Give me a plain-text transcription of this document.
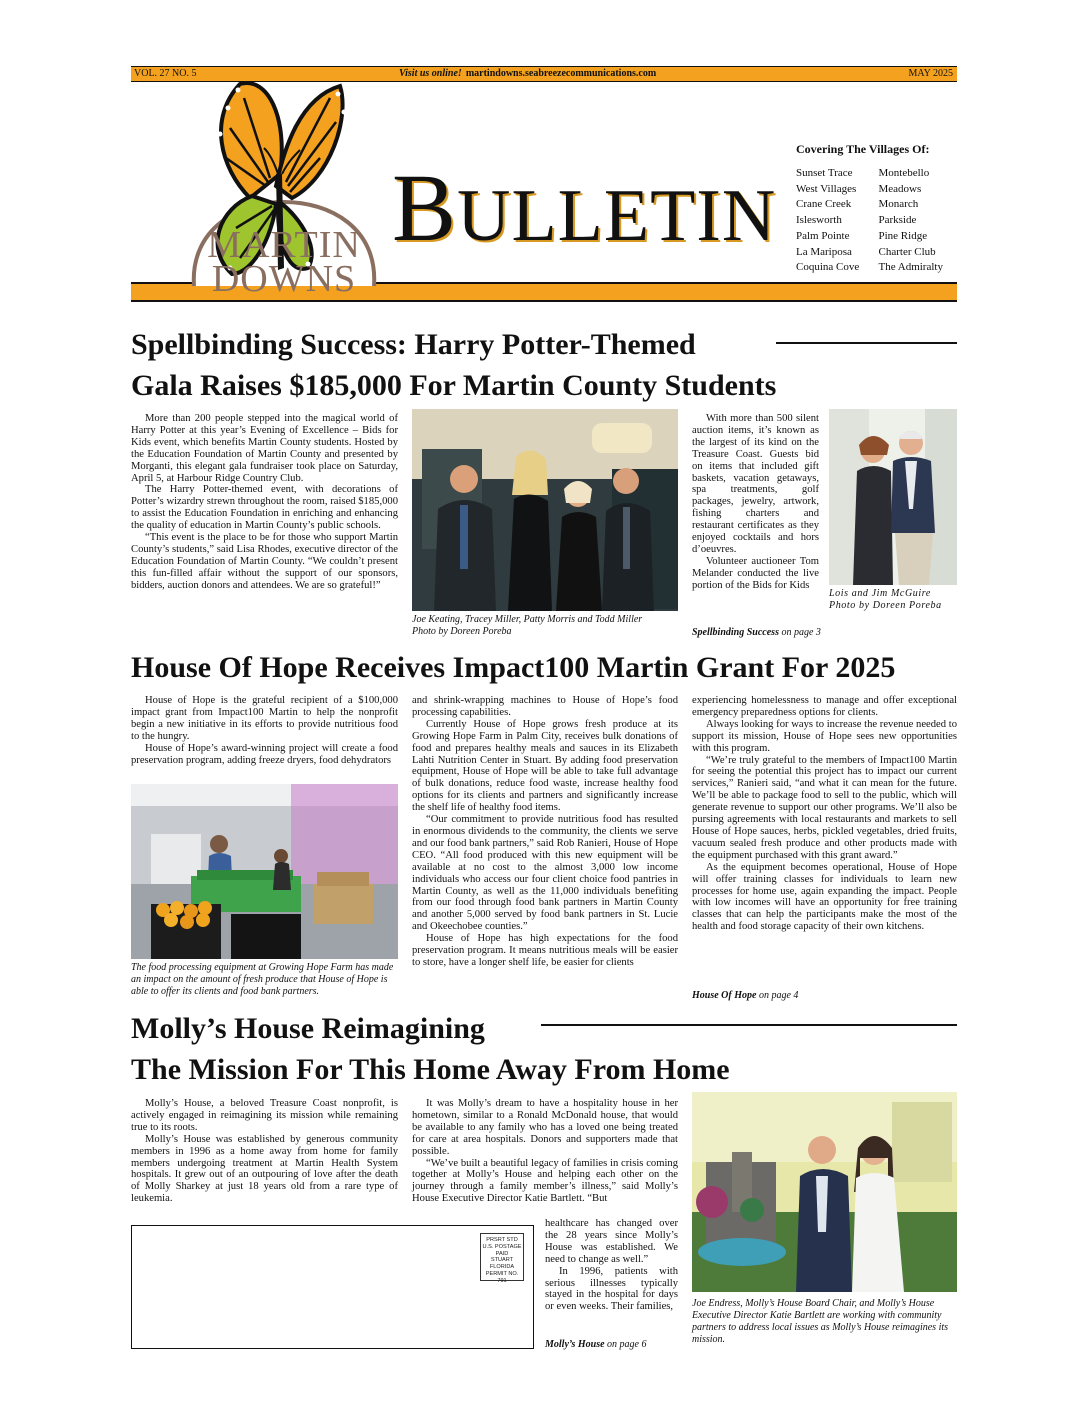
VOL. 27 NO. 5	Visit us online! martindowns.seabreezecommunications.com	MAY 2025
MARTIN
DOWNS
BULLETIN
Covering The Villages Of:
Sunset Trace
West Villages
Crane Creek
Islesworth
Palm Pointe
La Mariposa
Coquina Cove
Montebello
Meadows
Monarch
Parkside
Pine Ridge
Charter Club
The Admiralty
Spellbinding Success: Harry Potter-Themed
Gala Raises $185,000 For Martin County Students

More than 200 people stepped into the magical world of Harry Potter at this year’s Evening of Excellence – Bids for Kids event, which benefits Martin County students. Hosted by the Education Foundation of Martin County and presented by Morganti, this elegant gala fundraiser took place on Saturday, April 5, at Harbour Ridge Country Club.

The Harry Potter-themed event, with decorations of Potter’s wizardry strewn throughout the room, raised $185,000 to assist the Education Foundation in enriching and enhancing the quality of education in Martin County’s public schools.

“This event is the place to be for those who support Martin County’s students,” said Lisa Rhodes, executive director of the Education Foundation of Martin County. “We couldn’t present this fun-filled affair without the support of our sponsors, bidders, auction donors and attendees. We are so grateful!”

Joe Keating, Tracey Miller, Patty Morris and Todd Miller
Photo by Doreen Poreba

With more than 500 silent auction items, it’s known as the largest of its kind on the Treasure Coast. Guests bid on items that included gift baskets, vacation getaways, spa treatments, golf packages, jewelry, artwork, fishing charters and restaurant certificates as they enjoyed cocktails and hors d’oeuvres.

Volunteer auctioneer Tom Melander conducted the live portion of the Bids for Kids

Lois and Jim McGuire
Photo by Doreen Poreba
Spellbinding Success on page 3
House Of Hope Receives Impact100 Martin Grant For 2025

House of Hope is the grateful recipient of a $100,000 impact grant from Impact100 Martin to help the nonprofit begin a new initiative in its efforts to provide nutritious food to the hungry.

House of Hope’s award-winning project will create a food preservation program, adding freeze dryers, food dehydrators

The food processing equipment at Growing Hope Farm has made an impact on the amount of fresh produce that House of Hope is able to offer its clients and food bank partners.

and shrink-wrapping machines to House of Hope’s food processing capabilities.

Currently House of Hope grows fresh produce at its Growing Hope Farm in Palm City, receives bulk donations of food and prepares healthy meals and sauces in its Elizabeth Lahti Nutrition Center in Stuart. By adding food preservation equipment, House of Hope will be able to take full advantage of bulk donations, reduce food waste, increase healthy food options for its clients and partners and significantly increase the shelf life of healthy food items.

“Our commitment to provide nutritious food has resulted in enormous dividends to the community, the clients we serve and our food bank partners,” said Rob Ranieri, House of Hope CEO. “All food produced with this new equipment will be available at no cost to the almost 3,000 low income individuals who access our four client choice food pantries in Martin County, as well as the 11,000 individuals benefiting from our food through food bank partners in Martin County and another 5,000 served by food bank partners in St. Lucie and Okeechobee counties.”

House of Hope has high expectations for the food preservation program. It means nutritious meals will be easier to store, have a longer shelf life, be easier for clients

experiencing homelessness to manage and offer exceptional emergency preparedness options for clients.

Always looking for ways to increase the revenue needed to support its mission, House of Hope sees new opportunities with this program.

“We’re truly grateful to the members of Impact100 Martin for seeing the potential this project has to impact our current services,” Ranieri said, “and what it can mean for the future. We’ll be able to package food to sell to the public, which will generate revenue to support our other programs. We’ll also be pursing agreements with local restaurants and markets to sell House of Hope sauces, herbs, pickled vegetables, dried fruits, vacuum sealed fresh produce and other products made with the equipment purchased with this grant award.”

As the equipment becomes operational, House of Hope will offer training classes for individuals to learn new processes for home use, again expanding the impact. People with low incomes will have an opportunity for free training classes that can help the participants make the most of the health and food storage capacity of their own kitchens.

House Of Hope on page 4
Molly’s House Reimagining
The Mission For This Home Away From Home

Molly’s House, a beloved Treasure Coast nonprofit, is actively engaged in reimagining its mission while remaining true to its roots.

Molly’s House was established by generous community members in 1996 as a home away from home for family members undergoing treatment at Martin Health System hospitals. It grew out of an outpouring of love after the death of Molly Sharkey at just 18 years old from a rare type of leukemia.

It was Molly’s dream to have a hospitality house in her hometown, similar to a Ronald McDonald house, that would be available to any family who has a loved one being treated for care at area hospitals. Donors and supporters made that possible.

“We’ve built a beautiful legacy of families in crisis coming together at Molly’s House and helping each other on the journey through a family member’s illness,” said Molly’s House Executive Director Katie Bartlett. “But

healthcare has changed over the 28 years since Molly’s House was established. We need to change as well.”

In 1996, patients with serious illnesses typically stayed in the hospital for days or even weeks. Their families,

Molly’s House on page 6
PRSRT STD
U.S. POSTAGE
PAID
STUART
FLORIDA
PERMIT NO. 791
Joe Endress, Molly’s House Board Chair, and Molly’s House Executive Director Katie Bartlett are working with community partners to address local issues as Molly’s House reimagines its mission.
